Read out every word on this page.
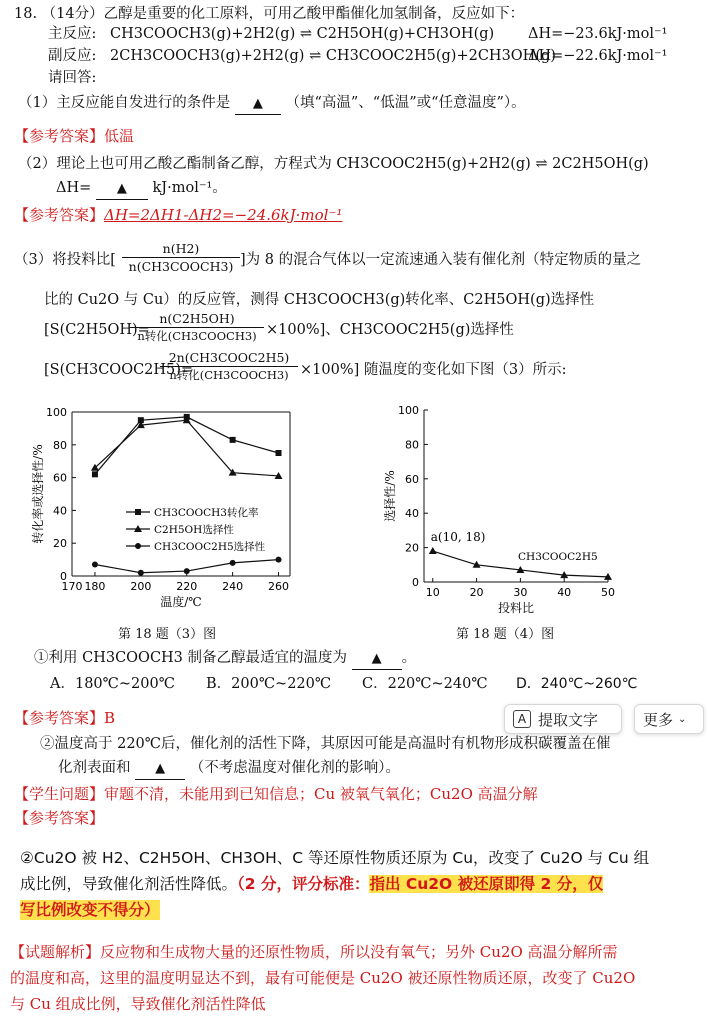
18. （14分）乙醇是重要的化工原料，可用乙酸甲酯催化加氢制备，反应如下：
主反应: CH3COOCH3(g)+2H2(g) ⇌ C2H5OH(g)+CH3OH(g) ΔH=−23.6kJ·mol⁻¹
副反应: 2CH3COOCH3(g)+2H2(g) ⇌ CH3COOC2H5(g)+2CH3OH(g)
ΔH=−22.6kJ·mol⁻¹
请回答:
（1）主反应能自发进行的条件是 ▲ （填“高温”、“低温”或“任意温度”）。
【参考答案】低温
（2）理论上也可用乙酸乙酯制备乙醇，方程式为 CH3COOC2H5(g)+2H2(g) ⇌ 2C2H5OH(g)
ΔH= ▲ kJ·mol⁻¹。
【参考答案】ΔH=2ΔH1-ΔH2=−24.6kJ·mol⁻¹
（3）将投料比[
n(H2)
n(CH3COOCH3) ]为 8 的混合气体以一定流速通入装有催化剂（特定物质的量之
比的 Cu2O 与 Cu）的反应管，测得 CH3COOCH3(g)转化率、C2H5OH(g)选择性
[S(C2H5OH)=
n(C2H5OH)
n转化(CH3COOCH3) ×100%]、CH3COOC2H5(g)选择性
[S(CH3COOC2H5)=
2n(CH3COOC2H5)
n转化(CH3COOCH3) ×100%] 随温度的变化如下图（3）所示:
170 180 200 220 240 260
0
20
40
60
80
100
温度/℃
转化率或选择性/%	CH3COOCH3转化率
C2H5OH选择性
CH3COOC2H5选择性
第 18 题（3）图
10	20	30	40	50
0
20
40
60
80
100
投料比
选择性/%
a(10, 18)
CH3COOC2H5
第 18 题（4）图
①利用 CH3COOCH3 制备乙醇最适宜的温度为 ▲ 。
A．180℃~200℃ B．200℃~220℃ C．220℃~240℃ D．240℃~260℃
【参考答案】B	A 提取文字	更多 ⌄
②温度高于 220℃后，催化剂的活性下降，其原因可能是高温时有机物形成积碳覆盖在催
化剂表面和 ▲ （不考虑温度对催化剂的影响）。
【学生问题】审题不清，未能用到已知信息；Cu 被氧气氧化；Cu2O 高温分解
【参考答案】
②Cu2O 被 H2、C2H5OH、CH3OH、C 等还原性物质还原为 Cu，改变了 Cu2O 与 Cu 组
成比例，导致催化剂活性降低。（2 分，评分标准：指出 Cu2O 被还原即得 2 分，仅
写比例改变不得分）
【试题解析】反应物和生成物大量的还原性物质，所以没有氧气；另外 Cu2O 高温分解所需
的温度和高，这里的温度明显达不到，最有可能便是 Cu2O 被还原性物质还原，改变了 Cu2O
与 Cu 组成比例，导致催化剂活性降低
